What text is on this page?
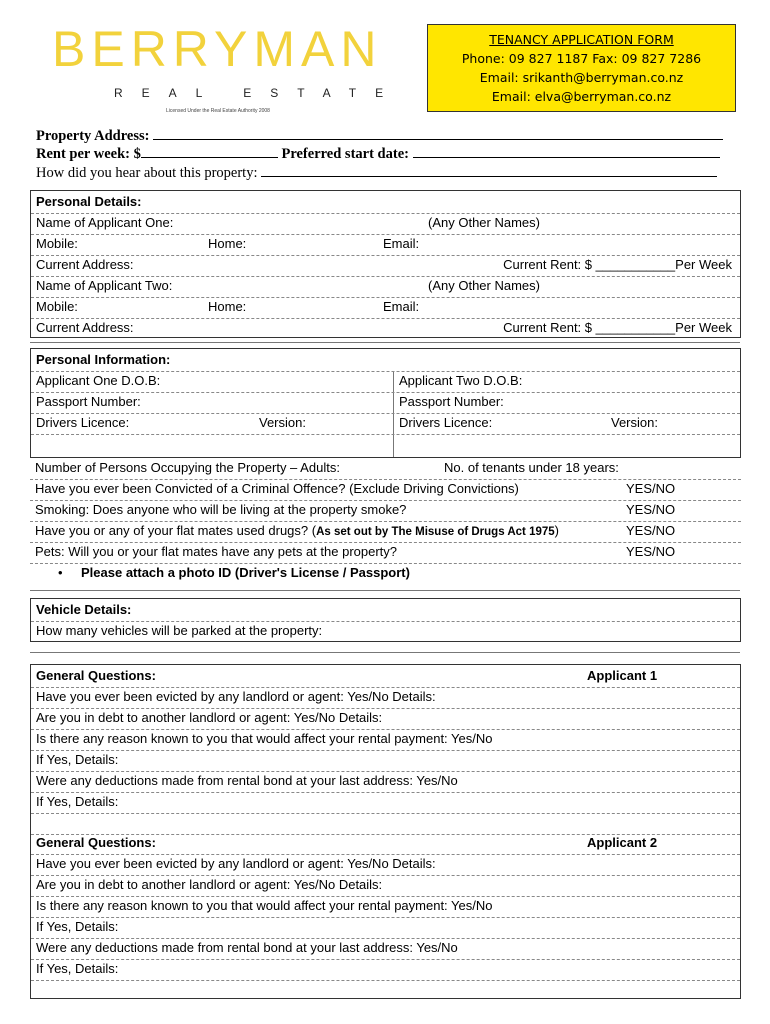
BERRYMAN
REAL ESTATE
Licensed Under the Real Estate Authority 2008
TENANCY APPLICATION FORM
Phone: 09 827 1187 Fax: 09 827 7286
Email: srikanth@berryman.co.nz
Email: elva@berryman.co.nz
Property Address:
Rent per week: $	Preferred start date:
How did you hear about this property:
Personal Details:
Name of Applicant One:	(Any Other Names)
Mobile:	Home:	Email:
Current Address:	Current Rent: $ ___________Per Week
Name of Applicant Two:	(Any Other Names)
Mobile:	Home:	Email:
Current Address:	Current Rent: $ ___________Per Week
Personal Information:
Applicant One D.O.B:	Applicant Two D.O.B:
Passport Number:	Passport Number:
Drivers Licence:	Version:	Drivers Licence:	Version:
Number of Persons Occupying the Property – Adults:	No. of tenants under 18 years:
Have you ever been Convicted of a Criminal Offence? (Exclude Driving Convictions)	YES/NO
Smoking: Does anyone who will be living at the property smoke?	YES/NO
Have you or any of your flat mates used drugs? (As set out by The Misuse of Drugs Act 1975)	YES/NO
Pets: Will you or your flat mates have any pets at the property?	YES/NO
• Please attach a photo ID (Driver's License / Passport)
Vehicle Details:
How many vehicles will be parked at the property:
General Questions:	Applicant 1
Have you ever been evicted by any landlord or agent: Yes/No Details:
Are you in debt to another landlord or agent: Yes/No Details:
Is there any reason known to you that would affect your rental payment: Yes/No
If Yes, Details:
Were any deductions made from rental bond at your last address: Yes/No
If Yes, Details:
General Questions:	Applicant 2
Have you ever been evicted by any landlord or agent: Yes/No Details:
Are you in debt to another landlord or agent: Yes/No Details:
Is there any reason known to you that would affect your rental payment: Yes/No
If Yes, Details:
Were any deductions made from rental bond at your last address: Yes/No
If Yes, Details:
